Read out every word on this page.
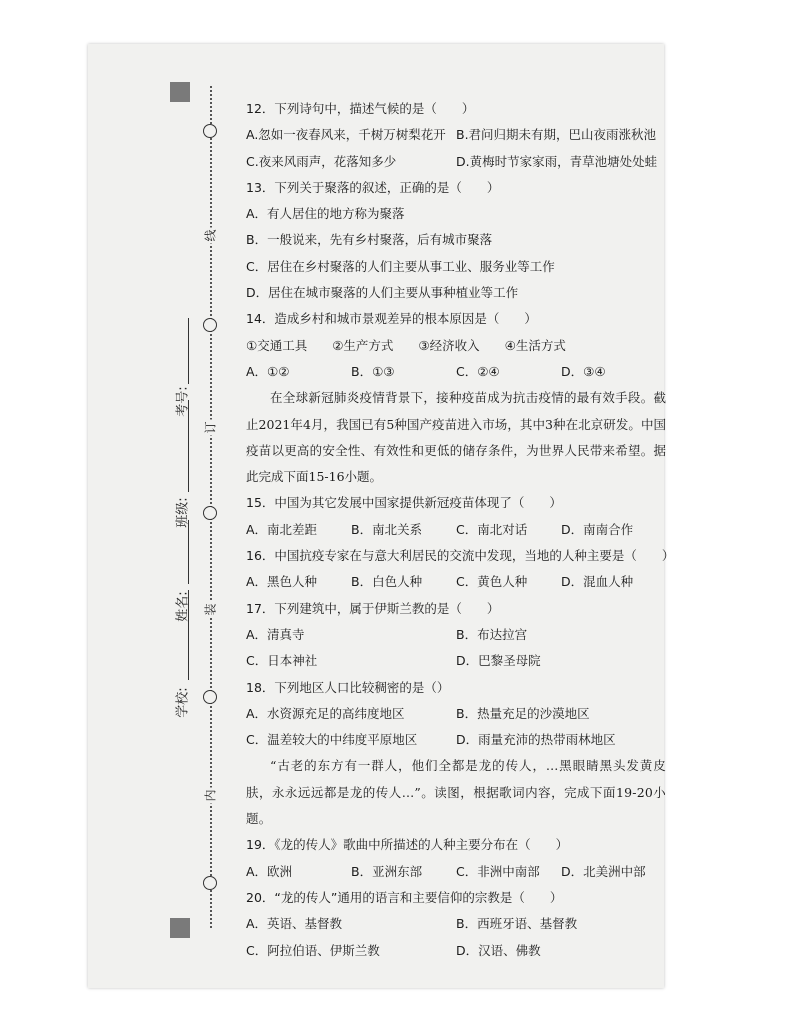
线
订
装
内
学校:
姓名:
班级:
考号:
12．下列诗句中，描述气候的是（　　）
A.忽如一夜春风来，千树万树梨花开 B.君问归期未有期，巴山夜雨涨秋池
C.夜来风雨声，花落知多少	D.黄梅时节家家雨，青草池塘处处蛙
13．下列关于聚落的叙述，正确的是（　　）
A．有人居住的地方称为聚落
B．一般说来，先有乡村聚落，后有城市聚落
C．居住在乡村聚落的人们主要从事工业、服务业等工作
D．居住在城市聚落的人们主要从事种植业等工作
14．造成乡村和城市景观差异的根本原因是（　　）
①交通工具　　②生产方式　　③经济收入　　④生活方式
A．①②	B．①③	C．②④	D．③④
在全球新冠肺炎疫情背景下，接种疫苗成为抗击疫情的最有效手段。截止2021年4月，我国已有5种国产疫苗进入市场，其中3种在北京研发。中国疫苗以更高的安全性、有效性和更低的储存条件，为世界人民带来希望。据此完成下面15-16小题。
15．中国为其它发展中国家提供新冠疫苗体现了（　　）
A．南北差距	B．南北关系	C．南北对话	D．南南合作
16．中国抗疫专家在与意大利居民的交流中发现，当地的人种主要是（　　）
A．黑色人种	B．白色人种	C．黄色人种	D．混血人种
17．下列建筑中，属于伊斯兰教的是（　　）
A．清真寺	B．布达拉宫
C．日本神社	D．巴黎圣母院
18．下列地区人口比较稠密的是（）
A．水资源充足的高纬度地区	B．热量充足的沙漠地区
C．温差较大的中纬度平原地区	D．雨量充沛的热带雨林地区
“古老的东方有一群人，他们全都是龙的传人，…黑眼睛黑头发黄皮肤，永永远远都是龙的传人…”。读图，根据歌词内容，完成下面19-20小题。
19．《龙的传人》歌曲中所描述的人种主要分布在（　　）
A．欧洲	B．亚洲东部	C．非洲中南部	D．北美洲中部
20．“龙的传人”通用的语言和主要信仰的宗教是（　　）
A．英语、基督教	B．西班牙语、基督教
C．阿拉伯语、伊斯兰教	D．汉语、佛教
